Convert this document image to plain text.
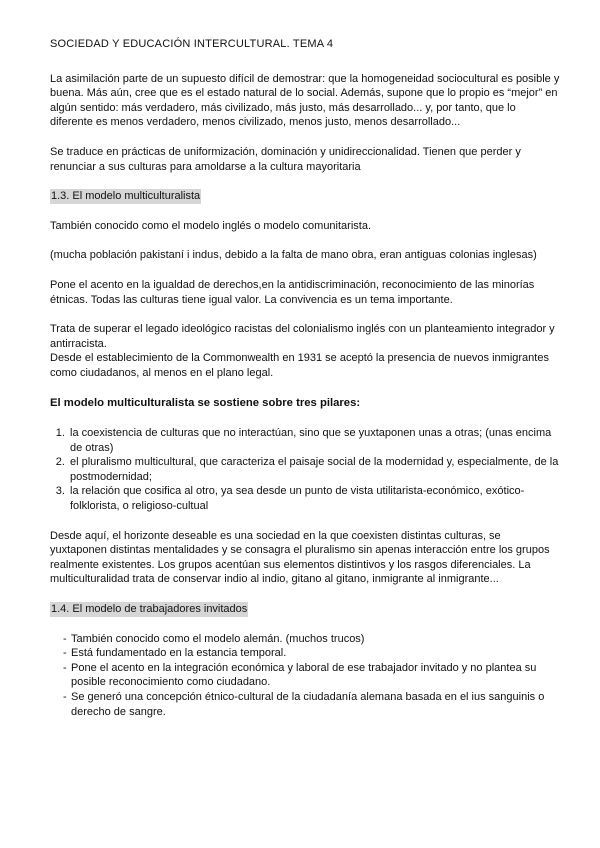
SOCIEDAD Y EDUCACIÓN INTERCULTURAL. TEMA 4

La asimilación parte de un supuesto difícil de demostrar: que la homogeneidad sociocultural es posible y buena. Más aún, cree que es el estado natural de lo social. Además, supone que lo propio es “mejor” en algún sentido: más verdadero, más civilizado, más justo, más desarrollado... y, por tanto, que lo diferente es menos verdadero, menos civilizado, menos justo, menos desarrollado...

Se traduce en prácticas de uniformización, dominación y unidireccionalidad. Tienen que perder y renunciar a sus culturas para amoldarse a la cultura mayoritaria

1.3. El modelo multiculturalista

También conocido como el modelo inglés o modelo comunitarista.

(mucha población pakistaní i indus, debido a la falta de mano obra, eran antiguas colonias inglesas)

Pone el acento en la igualdad de derechos,en la antidiscriminación, reconocimiento de las minorías étnicas. Todas las culturas tiene igual valor. La convivencia es un tema importante.

Trata de superar el legado ideológico racistas del colonialismo inglés con un planteamiento integrador y antirracista.
Desde el establecimiento de la Commonwealth en 1931 se aceptó la presencia de nuevos inmigrantes como ciudadanos, al menos en el plano legal.

El modelo multiculturalista se sostiene sobre tres pilares:
1. la coexistencia de culturas que no interactúan, sino que se yuxtaponen unas a otras; (unas encima de otras)
2. el pluralismo multicultural, que caracteriza el paisaje social de la modernidad y, especialmente, de la postmodernidad;
3. la relación que cosifica al otro, ya sea desde un punto de vista utilitarista-económico, exótico-folklorista, o religioso-cultual

Desde aquí, el horizonte deseable es una sociedad en la que coexisten distintas culturas, se yuxtaponen distintas mentalidades y se consagra el pluralismo sin apenas interacción entre los grupos realmente existentes. Los grupos acentúan sus elementos distintivos y los rasgos diferenciales. La multiculturalidad trata de conservar indio al indio, gitano al gitano, inmigrante al inmigrante...

1.4. El modelo de trabajadores invitados
- También conocido como el modelo alemán. (muchos trucos)
- Está fundamentado en la estancia temporal.
- Pone el acento en la integración económica y laboral de ese trabajador invitado y no plantea su posible reconocimiento como ciudadano.
- Se generó una concepción étnico-cultural de la ciudadanía alemana basada en el ius sanguinis o derecho de sangre.
